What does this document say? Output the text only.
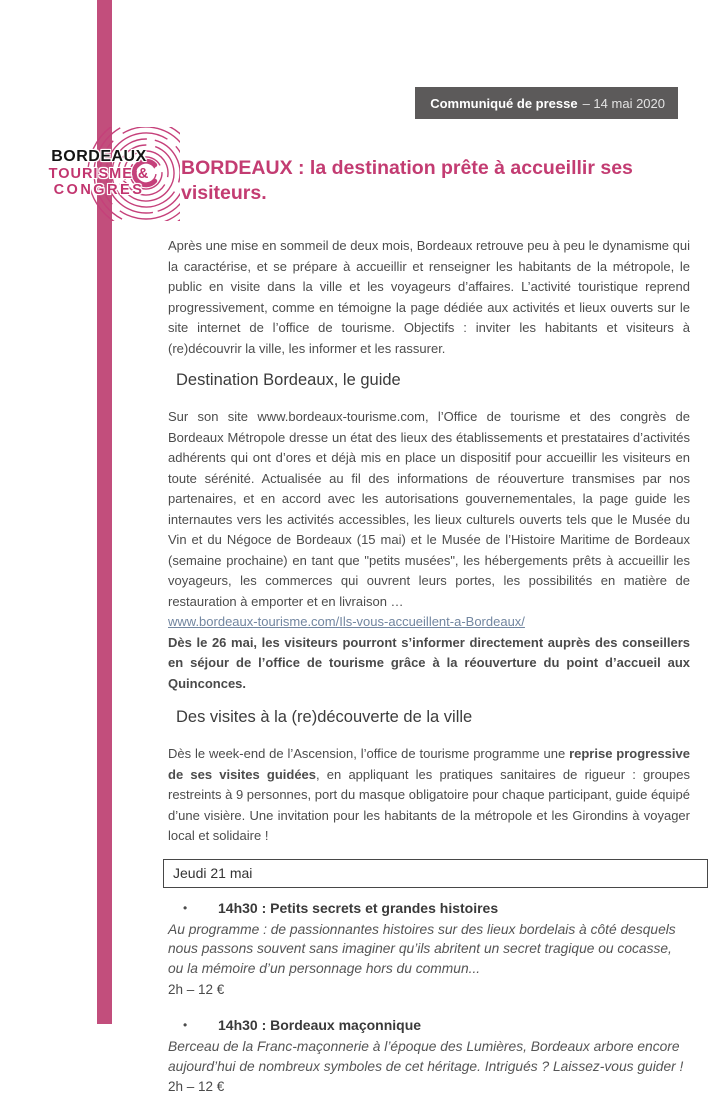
Communiqué de presse – 14 mai 2020
BORDEAUX
TOURISME &
CONGRÈS
BORDEAUX : la destination prête à accueillir ses visiteurs.

Après une mise en sommeil de deux mois, Bordeaux retrouve peu à peu le dynamisme qui la caractérise, et se prépare à accueillir et renseigner les habitants de la métropole, le public en visite dans la ville et les voyageurs d’affaires. L’activité touristique reprend progressivement, comme en témoigne la page dédiée aux activités et lieux ouverts sur le site internet de l’office de tourisme. Objectifs : inviter les habitants et visiteurs à (re)découvrir la ville, les informer et les rassurer.

Destination Bordeaux, le guide
Sur son site www.bordeaux-tourisme.com, l’Office de tourisme et des congrès de Bordeaux Métropole dresse un état des lieux des établissements et prestataires d’activités adhérents qui ont d’ores et déjà mis en place un dispositif pour accueillir les visiteurs en toute sérénité. Actualisée au fil des informations de réouverture transmises par nos partenaires, et en accord avec les autorisations gouvernementales, la page guide les internautes vers les activités accessibles, les lieux culturels ouverts tels que le Musée du Vin et du Négoce de Bordeaux (15 mai) et le Musée de l’Histoire Maritime de Bordeaux (semaine prochaine) en tant que "petits musées", les hébergements prêts à accueillir les voyageurs, les commerces qui ouvrent leurs portes, les possibilités en matière de restauration à emporter et en livraison …
www.bordeaux-tourisme.com/Ils-vous-accueillent-a-Bordeaux/
Dès le 26 mai, les visiteurs pourront s’informer directement auprès des conseillers en séjour de l’office de tourisme grâce à la réouverture du point d’accueil aux Quinconces.
Des visites à la (re)découverte de la ville

Dès le week-end de l’Ascension, l’office de tourisme programme une reprise progressive de ses visites guidées, en appliquant les pratiques sanitaires de rigueur : groupes restreints à 9 personnes, port du masque obligatoire pour chaque participant, guide équipé d’une visière. Une invitation pour les habitants de la métropole et les Girondins à voyager local et solidaire !

Jeudi 21 mai
•	14h30 : Petits secrets et grandes histoires
Au programme : de passionnantes histoires sur des lieux bordelais à côté desquels nous passons souvent sans imaginer qu’ils abritent un secret tragique ou cocasse, ou la mémoire d’un personnage hors du commun...
2h – 12 €
•	14h30 : Bordeaux maçonnique
Berceau de la Franc-maçonnerie à l’époque des Lumières, Bordeaux arbore encore aujourd’hui de nombreux symboles de cet héritage. Intrigués ? Laissez-vous guider !
2h – 12 €
